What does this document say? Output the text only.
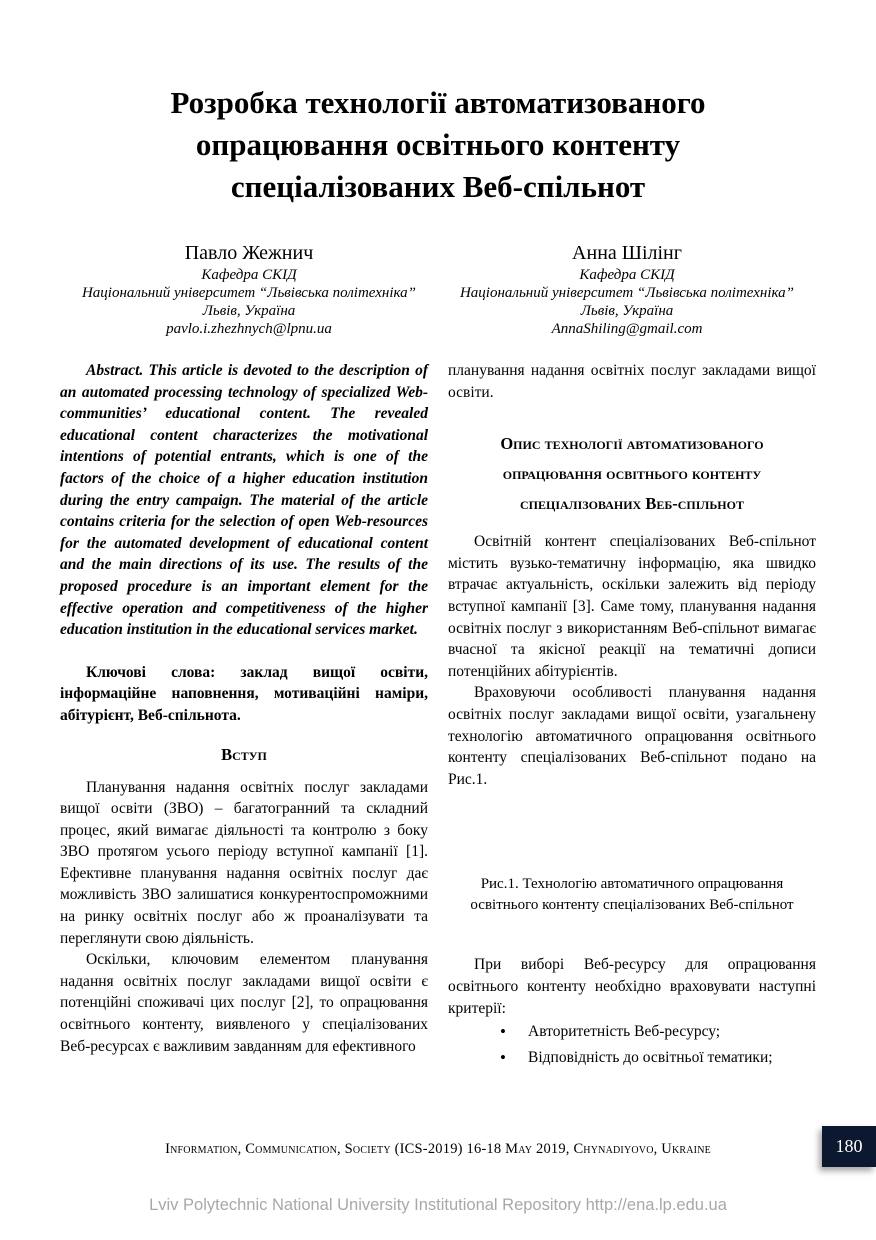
Розробка технології автоматизованого опрацювання освітнього контенту спеціалізованих Веб-спільнот
Павло Жежнич
Кафедра СКІД
Національний університет “Львівська політехніка”
Львів, Україна
pavlo.i.zhezhnych@lpnu.ua
Анна Шілінг
Кафедра СКІД
Національний університет “Львівська політехніка”
Львів, Україна
AnnaShiling@gmail.com

Abstract. This article is devoted to the description of an automated processing technology of specialized Web-communities’ educational content. The revealed educational content characterizes the motivational intentions of potential entrants, which is one of the factors of the choice of a higher education institution during the entry campaign. The material of the article contains criteria for the selection of open Web-resources for the automated development of educational content and the main directions of its use. The results of the proposed procedure is an important element for the effective operation and competitiveness of the higher education institution in the educational services market.

Ключові слова: заклад вищої освіти, інформаційне наповнення, мотиваційні наміри, абітурієнт, Веб-спільнота.

Вступ

Планування надання освітніх послуг закладами вищої освіти (ЗВО) – багатогранний та складний процес, який вимагає діяльності та контролю з боку ЗВО протягом усього періоду вступної кампанії [1]. Ефективне планування надання освітніх послуг дає можливість ЗВО залишатися конкурентоспроможними на ринку освітніх послуг або ж проаналізувати та переглянути свою діяльність.

Оскільки, ключовим елементом планування надання освітніх послуг закладами вищої освіти є потенційні споживачі цих послуг [2], то опрацювання освітнього контенту, виявленого у спеціалізованих Веб-ресурсах є важливим завданням для ефективного

планування надання освітніх послуг закладами вищої освіти.

Опис технології автоматизованого опрацювання освітнього контенту спеціалізованих Веб-спільнот

Освітній контент спеціалізованих Веб-спільнот містить вузько-тематичну інформацію, яка швидко втрачає актуальність, оскільки залежить від періоду вступної кампанії [3]. Саме тому, планування надання освітніх послуг з використанням Веб-спільнот вимагає вчасної та якісної реакції на тематичні дописи потенційних абітурієнтів.

Враховуючи особливості планування надання освітніх послуг закладами вищої освіти, узагальнену технологію автоматичного опрацювання освітнього контенту спеціалізованих Веб-спільнот подано на Рис.1.

Рис.1. Технологію автоматичного опрацювання освітнього контенту спеціалізованих Веб-спільнот

При виборі Веб-ресурсу для опрацювання освітнього контенту необхідно враховувати наступні критерії:

• Авторитетність Веб-ресурсу;
• Відповідність до освітньої тематики;
Information, Communication, Society (ICS-2019) 16-18 May 2019, Chynadiyovo, Ukraine	180
Lviv Polytechnic National University Institutional Repository http://ena.lp.edu.ua
